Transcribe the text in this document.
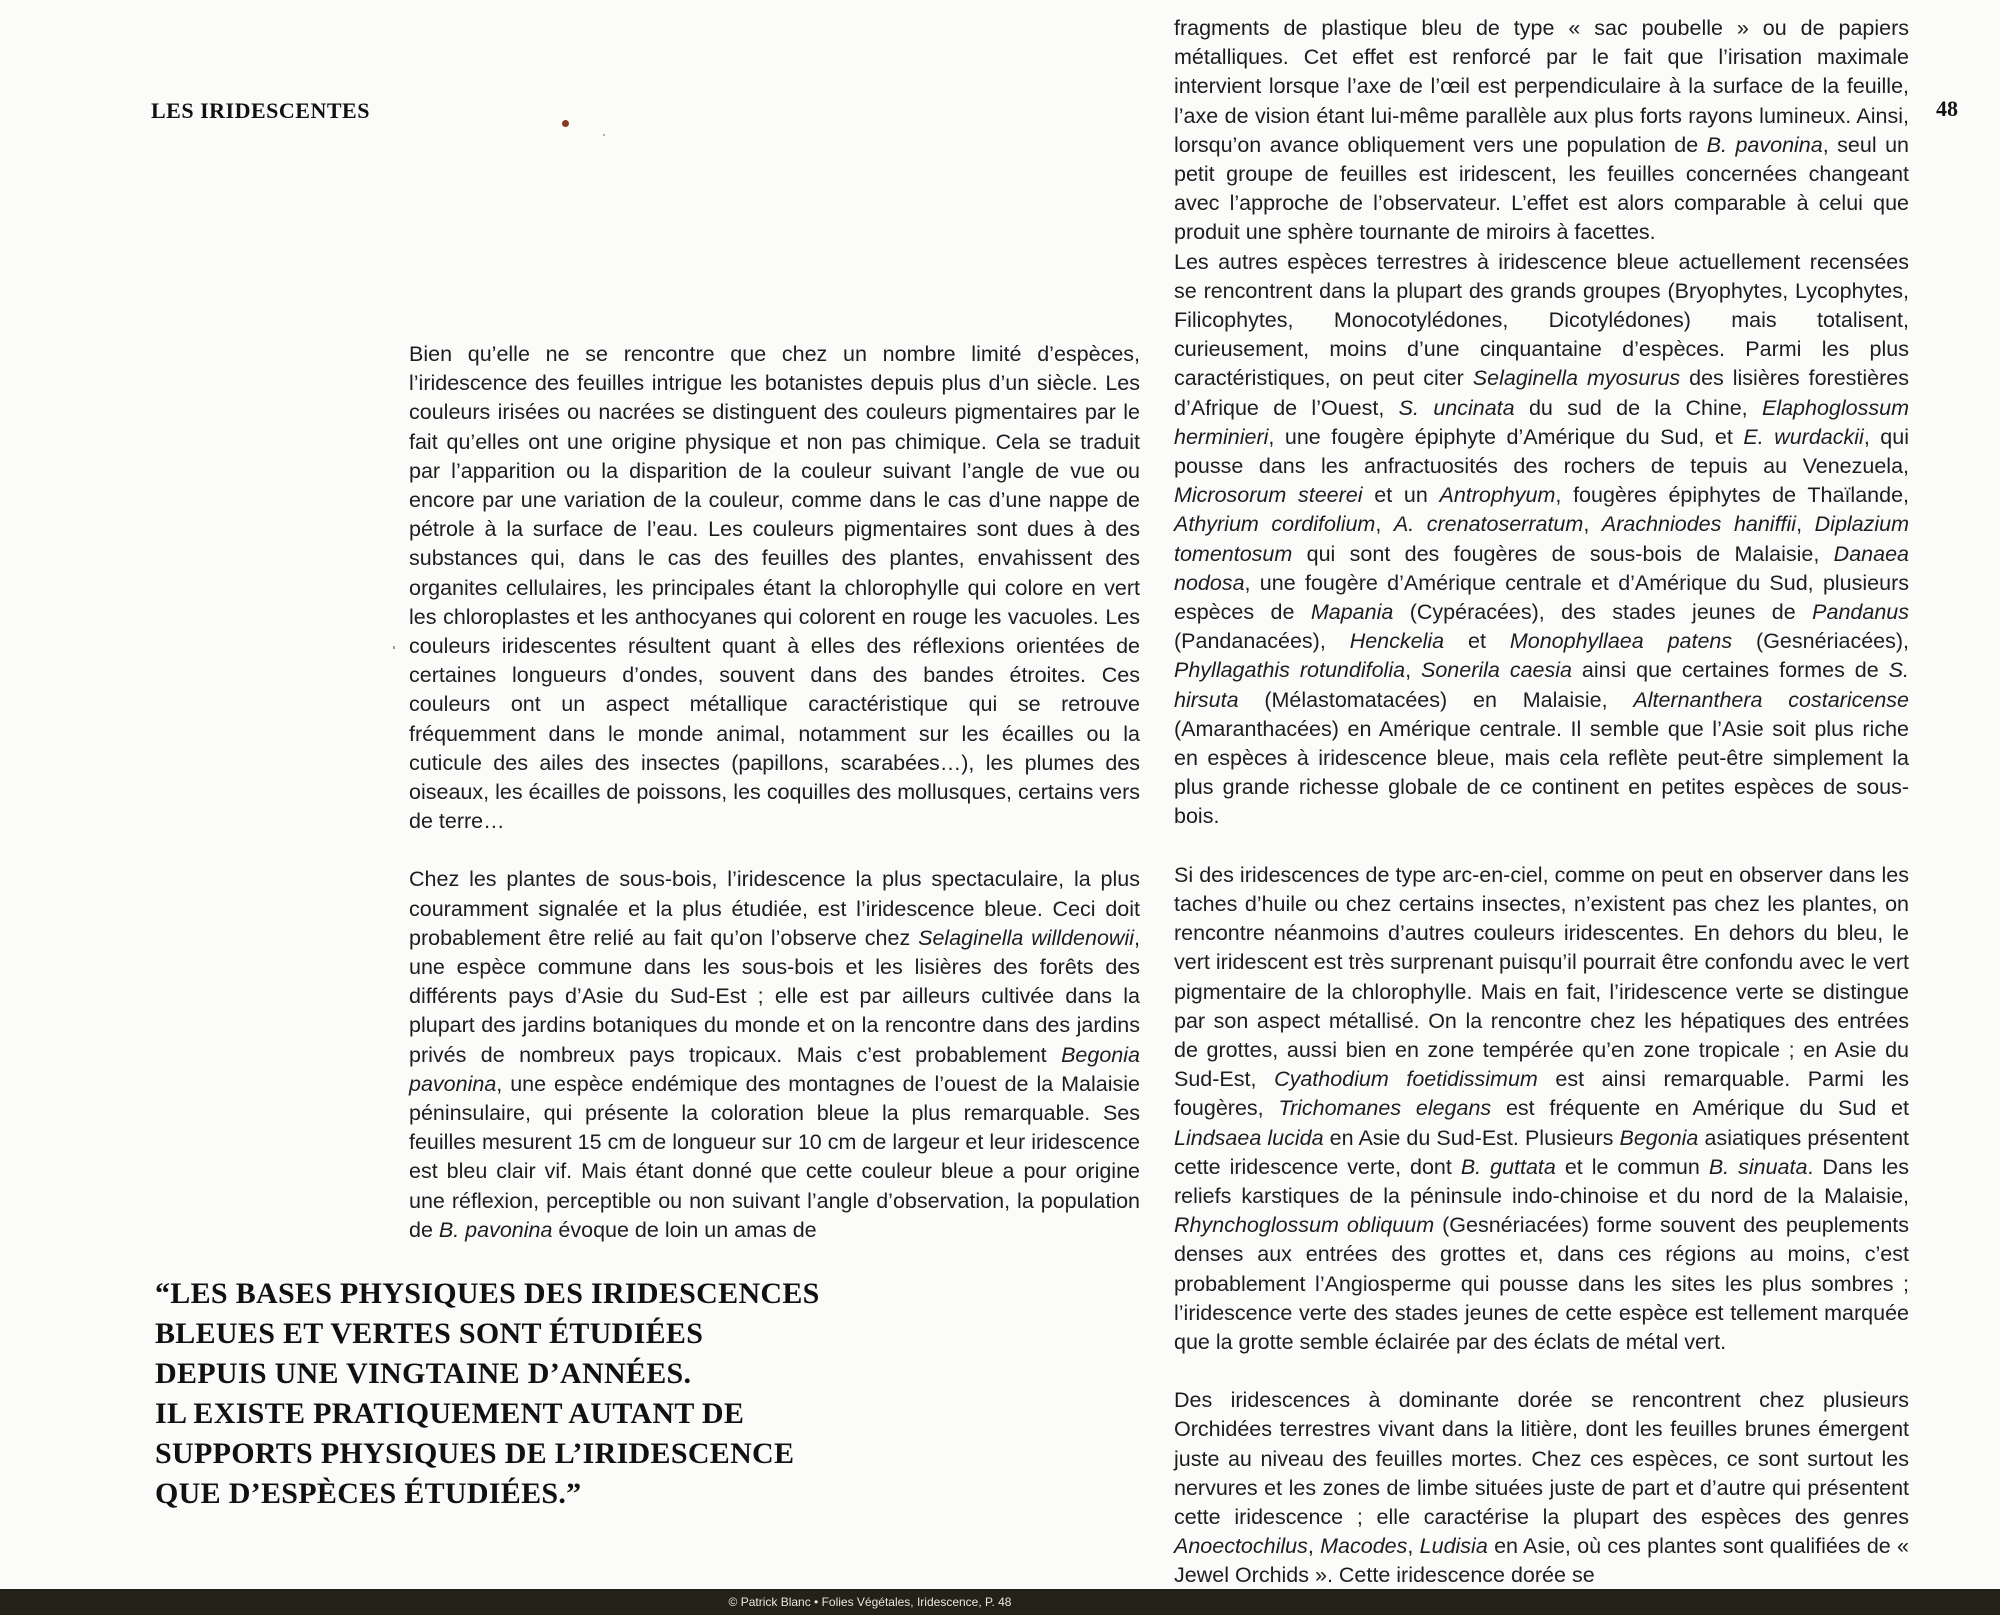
LES IRIDESCENTES	48

Bien qu’elle ne se rencontre que chez un nombre limité d’espèces, l’iridescence des feuilles intrigue les botanistes depuis plus d’un siècle. Les couleurs irisées ou nacrées se distinguent des couleurs pigmentaires par le fait qu’elles ont une origine physique et non pas chimique. Cela se traduit par l’apparition ou la disparition de la couleur suivant l’angle de vue ou encore par une variation de la couleur, comme dans le cas d’une nappe de pétrole à la surface de l’eau. Les couleurs pigmentaires sont dues à des substances qui, dans le cas des feuilles des plantes, envahissent des organites cellulaires, les principales étant la chlorophylle qui colore en vert les chloroplastes et les anthocyanes qui colorent en rouge les vacuoles. Les couleurs iridescentes résultent quant à elles des réflexions orientées de certaines longueurs d’ondes, souvent dans des bandes étroites. Ces couleurs ont un aspect métallique caractéristique qui se retrouve fréquemment dans le monde animal, notamment sur les écailles ou la cuticule des ailes des insectes (papillons, scarabées…), les plumes des oiseaux, les écailles de poissons, les coquilles des mollusques, certains vers de terre…

Chez les plantes de sous-bois, l’iridescence la plus spectaculaire, la plus couramment signalée et la plus étudiée, est l’iridescence bleue. Ceci doit probablement être relié au fait qu’on l’observe chez Selaginella willdenowii, une espèce commune dans les sous-bois et les lisières des forêts des différents pays d’Asie du Sud-Est ; elle est par ailleurs cultivée dans la plupart des jardins botaniques du monde et on la rencontre dans des jardins privés de nombreux pays tropicaux. Mais c’est probablement Begonia pavonina, une espèce endémique des montagnes de l’ouest de la Malaisie péninsulaire, qui présente la coloration bleue la plus remarquable. Ses feuilles mesurent 15 cm de longueur sur 10 cm de largeur et leur iridescence est bleu clair vif. Mais étant donné que cette couleur bleue a pour origine une réflexion, perceptible ou non suivant l’angle d’observation, la population de B. pavonina évoque de loin un amas de

“LES BASES PHYSIQUES DES IRIDESCENCES
BLEUES ET VERTES SONT ÉTUDIÉES
DEPUIS UNE VINGTAINE D’ANNÉES.
IL EXISTE PRATIQUEMENT AUTANT DE
SUPPORTS PHYSIQUES DE L’IRIDESCENCE
QUE D’ESPÈCES ÉTUDIÉES.”

fragments de plastique bleu de type « sac poubelle » ou de papiers métalliques. Cet effet est renforcé par le fait que l’irisation maximale intervient lorsque l’axe de l’œil est perpendiculaire à la surface de la feuille, l’axe de vision étant lui-même parallèle aux plus forts rayons lumineux. Ainsi, lorsqu’on avance obliquement vers une population de B. pavonina, seul un petit groupe de feuilles est iridescent, les feuilles concernées changeant avec l’approche de l’observateur. L’effet est alors comparable à celui que produit une sphère tournante de miroirs à facettes.

Les autres espèces terrestres à iridescence bleue actuellement recensées se rencontrent dans la plupart des grands groupes (Bryophytes, Lycophytes, Filicophytes, Monocotylédones, Dicotylédones) mais totalisent, curieusement, moins d’une cinquantaine d’espèces. Parmi les plus caractéristiques, on peut citer Selaginella myosurus des lisières forestières d’Afrique de l’Ouest, S. uncinata du sud de la Chine, Elaphoglossum herminieri, une fougère épiphyte d’Amérique du Sud, et E. wurdackii, qui pousse dans les anfractuosités des rochers de tepuis au Venezuela, Microsorum steerei et un Antrophyum, fougères épiphytes de Thaïlande, Athyrium cordifolium, A. crenatoserratum, Arachniodes haniffii, Diplazium tomentosum qui sont des fougères de sous-bois de Malaisie, Danaea nodosa, une fougère d’Amérique centrale et d’Amérique du Sud, plusieurs espèces de Mapania (Cypéracées), des stades jeunes de Pandanus (Pandanacées), Henckelia et Monophyllaea patens (Gesnériacées), Phyllagathis rotundifolia, Sonerila caesia ainsi que certaines formes de S. hirsuta (Mélastomatacées) en Malaisie, Alternanthera costaricense (Amaranthacées) en Amérique centrale. Il semble que l’Asie soit plus riche en espèces à iridescence bleue, mais cela reflète peut-être simplement la plus grande richesse globale de ce continent en petites espèces de sous-bois.

Si des iridescences de type arc-en-ciel, comme on peut en observer dans les taches d’huile ou chez certains insectes, n’existent pas chez les plantes, on rencontre néanmoins d’autres couleurs iridescentes. En dehors du bleu, le vert iridescent est très surprenant puisqu’il pourrait être confondu avec le vert pigmentaire de la chlorophylle. Mais en fait, l’iridescence verte se distingue par son aspect métallisé. On la rencontre chez les hépatiques des entrées de grottes, aussi bien en zone tempérée qu’en zone tropicale ; en Asie du Sud-Est, Cyathodium foetidissimum est ainsi remarquable. Parmi les fougères, Trichomanes elegans est fréquente en Amérique du Sud et Lindsaea lucida en Asie du Sud-Est. Plusieurs Begonia asiatiques présentent cette iridescence verte, dont B. guttata et le commun B. sinuata. Dans les reliefs karstiques de la péninsule indo-chinoise et du nord de la Malaisie, Rhynchoglossum obliquum (Gesnériacées) forme souvent des peuplements denses aux entrées des grottes et, dans ces régions au moins, c’est probablement l’Angiosperme qui pousse dans les sites les plus sombres ; l’iridescence verte des stades jeunes de cette espèce est tellement marquée que la grotte semble éclairée par des éclats de métal vert.

Des iridescences à dominante dorée se rencontrent chez plusieurs Orchidées terrestres vivant dans la litière, dont les feuilles brunes émergent juste au niveau des feuilles mortes. Chez ces espèces, ce sont surtout les nervures et les zones de limbe situées juste de part et d’autre qui présentent cette iridescence ; elle caractérise la plupart des espèces des genres Anoectochilus, Macodes, Ludisia en Asie, où ces plantes sont qualifiées de « Jewel Orchids ». Cette iridescence dorée se

© Patrick Blanc • Folies Végétales, Iridescence, P. 48
